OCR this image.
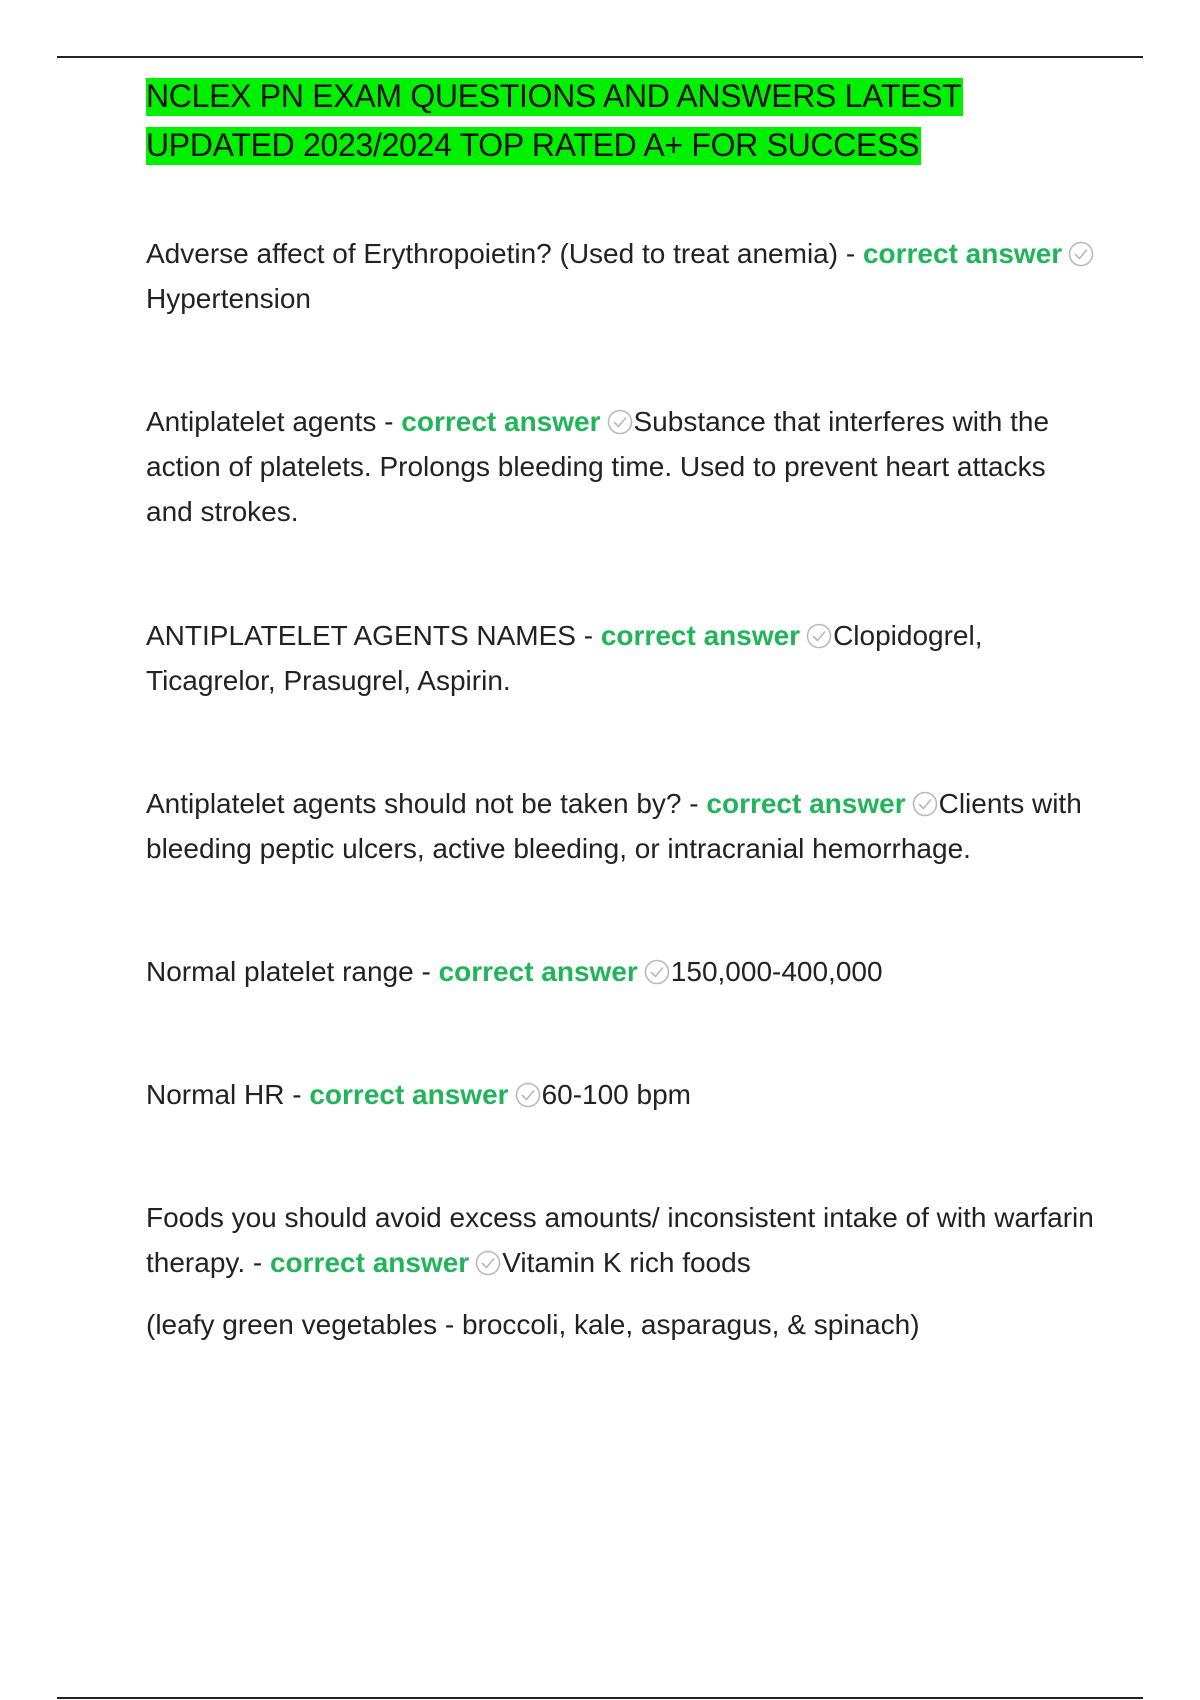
NCLEX PN EXAM QUESTIONS AND ANSWERS LATEST
UPDATED 2023/2024 TOP RATED A+ FOR SUCCESS

Adverse affect of Erythropoietin? (Used to treat anemia) - correct answer
Hypertension

Antiplatelet agents - correct answer Substance that interferes with the action of platelets. Prolongs bleeding time. Used to prevent heart attacks and strokes.

ANTIPLATELET AGENTS NAMES - correct answer Clopidogrel, Ticagrelor, Prasugrel, Aspirin.

Antiplatelet agents should not be taken by? - correct answer Clients with bleeding peptic ulcers, active bleeding, or intracranial hemorrhage.

Normal platelet range - correct answer 150,000-400,000

Normal HR - correct answer 60-100 bpm

Foods you should avoid excess amounts/ inconsistent intake of with warfarin therapy. - correct answer Vitamin K rich foods

(leafy green vegetables - broccoli, kale, asparagus, & spinach)
